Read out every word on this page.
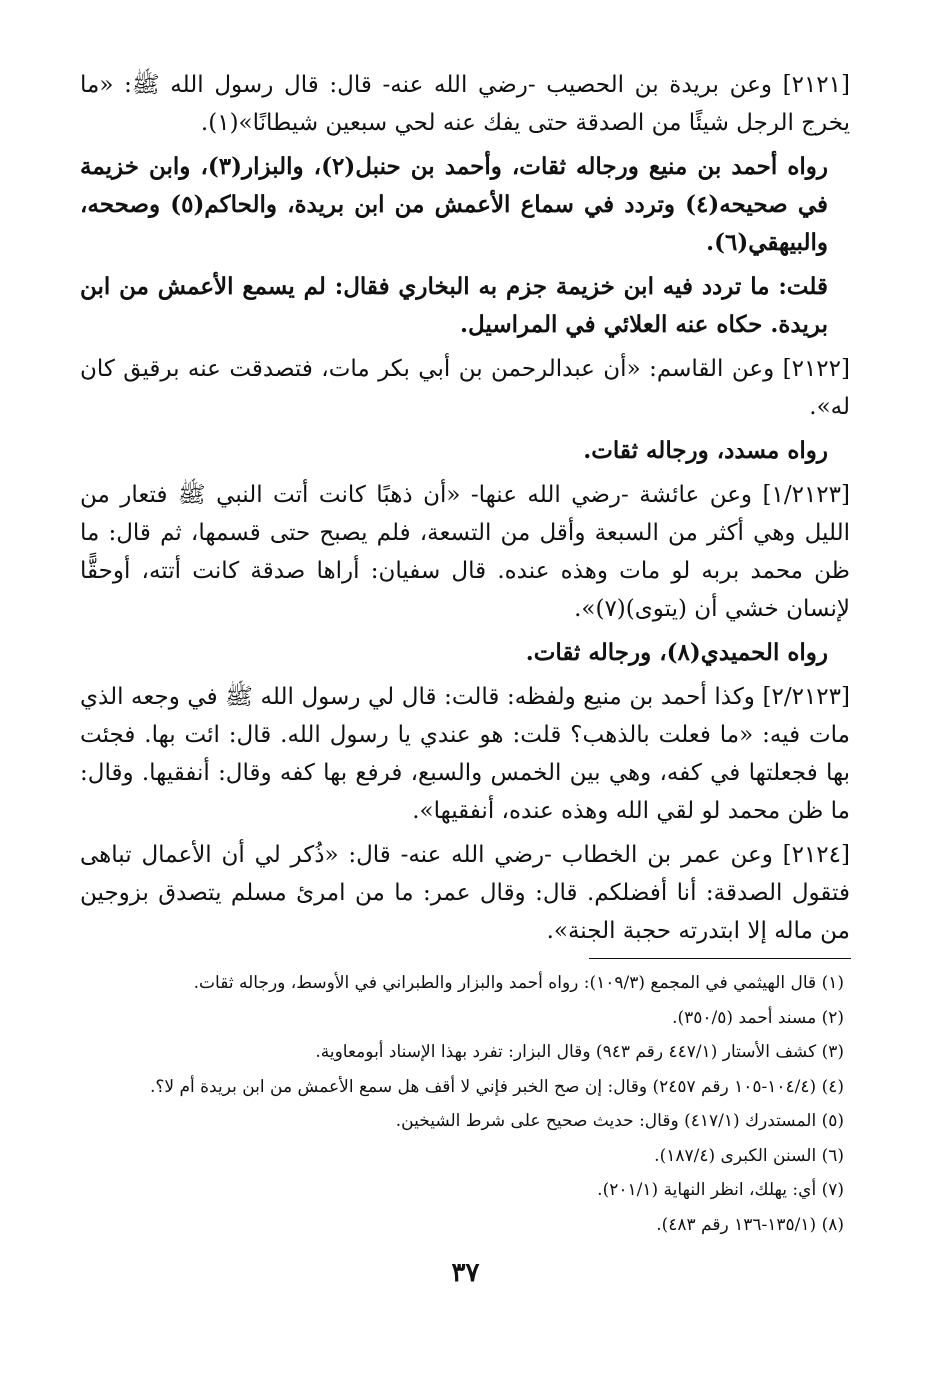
[٢١٢١] وعن بريدة بن الحصيب -رضي الله عنه- قال: قال رسول الله ﷺ: «ما يخرج الرجل شيئًا من الصدقة حتى يفك عنه لحي سبعين شيطانًا»(١).

رواه أحمد بن منيع ورجاله ثقات، وأحمد بن حنبل(٢)، والبزار(٣)، وابن خزيمة في صحيحه(٤) وتردد في سماع الأعمش من ابن بريدة، والحاكم(٥) وصححه، والبيهقي(٦).

قلت: ما تردد فيه ابن خزيمة جزم به البخاري فقال: لم يسمع الأعمش من ابن بريدة. حكاه عنه العلائي في المراسيل.

[٢١٢٢] وعن القاسم: «أن عبدالرحمن بن أبي بكر مات، فتصدقت عنه برقيق كان له».

رواه مسدد، ورجاله ثقات.

[١/٢١٢٣] وعن عائشة -رضي الله عنها- «أن ذهبًا كانت أتت النبي ﷺ فتعار من الليل وهي أكثر من السبعة وأقل من التسعة، فلم يصبح حتى قسمها، ثم قال: ما ظن محمد بربه لو مات وهذه عنده. قال سفيان: أراها صدقة كانت أتته، أوحقًّا لإنسان خشي أن (يتوى)(٧)».

رواه الحميدي(٨)، ورجاله ثقات.

[٢/٢١٢٣] وكذا أحمد بن منيع ولفظه: قالت: قال لي رسول الله ﷺ في وجعه الذي مات فيه: «ما فعلت بالذهب؟ قلت: هو عندي يا رسول الله. قال: ائت بها. فجئت بها فجعلتها في كفه، وهي بين الخمس والسبع، فرفع بها كفه وقال: أنفقيها. وقال: ما ظن محمد لو لقي الله وهذه عنده، أنفقيها».

[٢١٢٤] وعن عمر بن الخطاب -رضي الله عنه- قال: «ذُكر لي أن الأعمال تباهى فتقول الصدقة: أنا أفضلكم. قال: وقال عمر: ما من امرئ مسلم يتصدق بزوجين من ماله إلا ابتدرته حجبة الجنة».

(١) قال الهيثمي في المجمع (١٠٩/٣): رواه أحمد والبزار والطبراني في الأوسط، ورجاله ثقات.
(٢) مسند أحمد (٣٥٠/٥).
(٣) كشف الأستار (٤٤٧/١ رقم ٩٤٣) وقال البزار: تفرد بهذا الإسناد أبومعاوية.
(٤) (١٠٤/٤-١٠٥ رقم ٢٤٥٧) وقال: إن صح الخبر فإني لا أقف هل سمع الأعمش من ابن بريدة أم لا؟.
(٥) المستدرك (٤١٧/١) وقال: حديث صحيح على شرط الشيخين.
(٦) السنن الكبرى (١٨٧/٤).
(٧) أي: يهلك، انظر النهاية (٢٠١/١).
(٨) (١٣٥/١-١٣٦ رقم ٤٨٣).
٣٧
